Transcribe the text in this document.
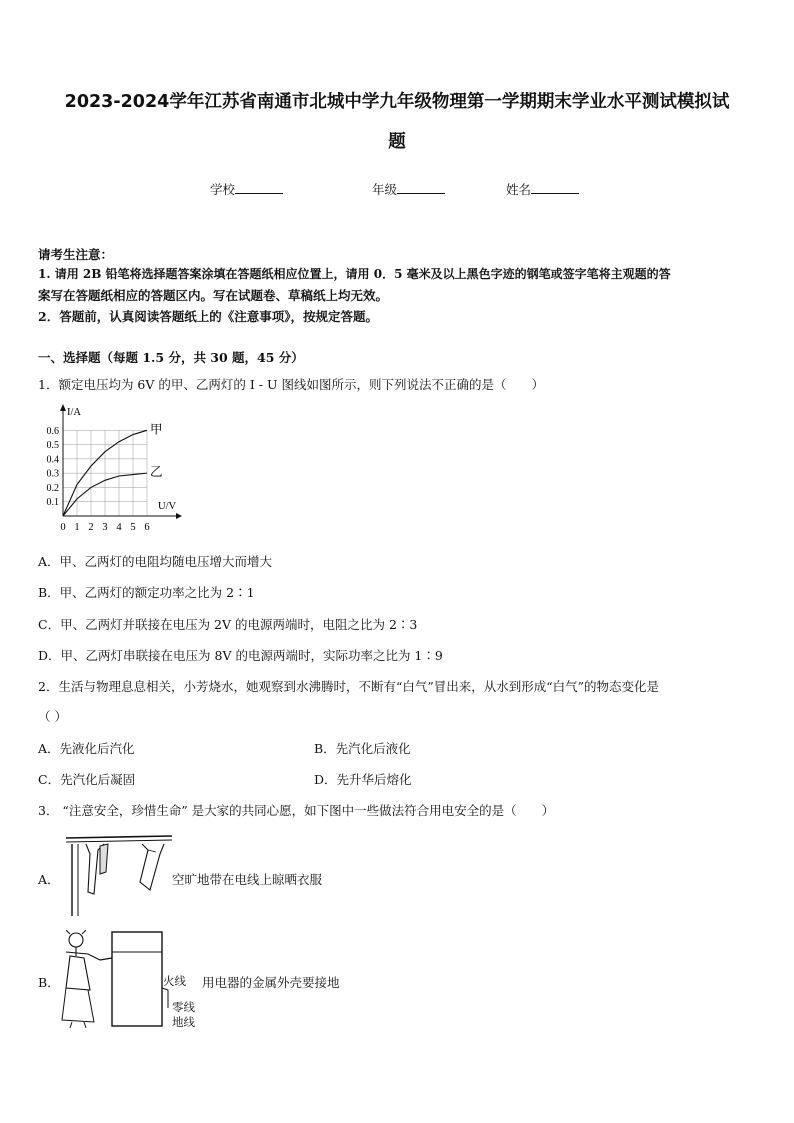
2023-2024学年江苏省南通市北城中学九年级物理第一学期期末学业水平测试模拟试
题
学校	年级	姓名
请考生注意：
1. 请用 2B 铅笔将选择题答案涂填在答题纸相应位置上，请用 0．5 毫米及以上黑色字迹的钢笔或签字笔将主观题的答
案写在答题纸相应的答题区内。写在试题卷、草稿纸上均无效。
2．答题前，认真阅读答题纸上的《注意事项》，按规定答题。
一、选择题（每题 1.5 分，共 30 题，45 分）
1．额定电压均为 6V 的甲、乙两灯的 I - U 图线如图所示，则下列说法不正确的是（　　）
0.1
0.2
0.3
0.4
0.5
0.6
0 1 2 3 4 5 6
I/A
U/V
甲
乙
A．甲、乙两灯的电阻均随电压增大而增大
B．甲、乙两灯的额定功率之比为 2∶1
C．甲、乙两灯并联接在电压为 2V 的电源两端时，电阻之比为 2∶3
D．甲、乙两灯串联接在电压为 8V 的电源两端时，实际功率之比为 1∶9
2．生活与物理息息相关，小芳烧水，她观察到水沸腾时，不断有“白气”冒出来，从水到形成“白气”的物态变化是
（ ）
A．先液化后汽化	B．先汽化后液化
C．先汽化后凝固	D．先升华后熔化
3． “注意安全，珍惜生命” 是大家的共同心愿，如下图中一些做法符合用电安全的是（　　）
A．	空旷地带在电线上晾晒衣服
B．	火线
零线
地线
用电器的金属外壳要接地
